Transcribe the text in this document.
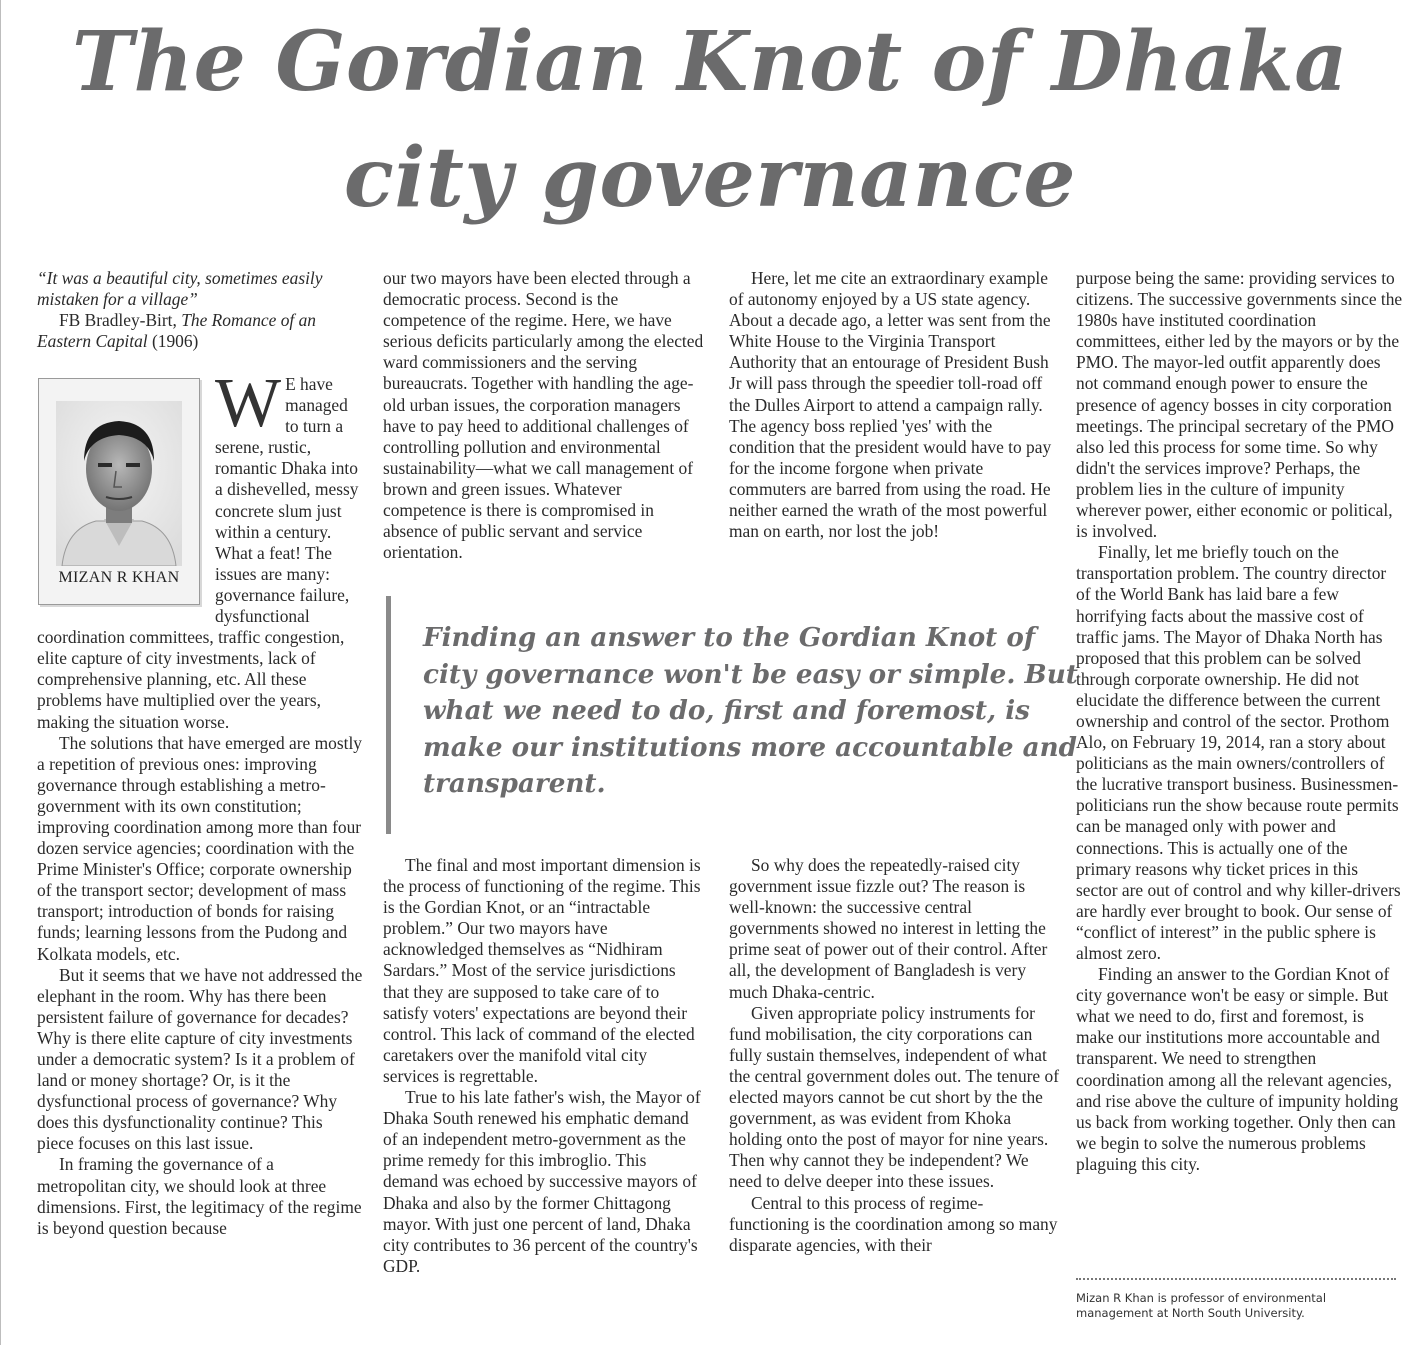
The Gordian Knot of Dhaka
city governance
“It was a beautiful city, sometimes easily mistaken for a village”
FB Bradley-Birt, The Romance of an Eastern Capital (1906)
MIZAN R KHAN

W E have managed to turn a serene, rustic, romantic Dhaka into a dishevelled, messy concrete slum just within a century. What a feat! The issues are many: governance failure, dysfunctional coordination committees, traffic congestion, elite capture of city investments, lack of comprehensive planning, etc. All these problems have multiplied over the years, making the situation worse.

The solutions that have emerged are mostly a repetition of previous ones: improving governance through establishing a metro-government with its own constitution; improving coordination among more than four dozen service agencies; coordination with the Prime Minister's Office; corporate ownership of the transport sector; development of mass transport; introduction of bonds for raising funds; learning lessons from the Pudong and Kolkata models, etc.

But it seems that we have not addressed the elephant in the room. Why has there been persistent failure of governance for decades? Why is there elite capture of city investments under a democratic system? Is it a problem of land or money shortage? Or, is it the dysfunctional process of governance? Why does this dysfunctionality continue? This piece focuses on this last issue.

In framing the governance of a metropolitan city, we should look at three dimensions. First, the legitimacy of the regime is beyond question because

our two mayors have been elected through a democratic process. Second is the competence of the regime. Here, we have serious deficits particularly among the elected ward commissioners and the serving bureaucrats. Together with handling the age-old urban issues, the corporation managers have to pay heed to additional challenges of controlling pollution and environmental sustainability—what we call management of brown and green issues. Whatever competence is there is compromised in absence of public servant and service orientation.

Here, let me cite an extraordinary example of autonomy enjoyed by a US state agency. About a decade ago, a letter was sent from the White House to the Virginia Transport Authority that an entourage of President Bush Jr will pass through the speedier toll-road off the Dulles Airport to attend a campaign rally. The agency boss replied 'yes' with the condition that the president would have to pay for the income forgone when private commuters are barred from using the road. He neither earned the wrath of the most powerful man on earth, nor lost the job!

Finding an answer to the Gordian Knot of
city governance won't be easy or simple. But
what we need to do, first and foremost, is
make our institutions more accountable and
transparent.

The final and most important dimension is the process of functioning of the regime. This is the Gordian Knot, or an “intractable problem.” Our two mayors have acknowledged themselves as “Nidhiram Sardars.” Most of the service jurisdictions that they are supposed to take care of to satisfy voters' expectations are beyond their control. This lack of command of the elected caretakers over the manifold vital city services is regrettable.

True to his late father's wish, the Mayor of Dhaka South renewed his emphatic demand of an independent metro-government as the prime remedy for this imbroglio. This demand was echoed by successive mayors of Dhaka and also by the former Chittagong mayor. With just one percent of land, Dhaka city contributes to 36 percent of the country's GDP.

So why does the repeatedly-raised city government issue fizzle out? The reason is well-known: the successive central governments showed no interest in letting the prime seat of power out of their control. After all, the development of Bangladesh is very much Dhaka-centric.

Given appropriate policy instruments for fund mobilisation, the city corporations can fully sustain themselves, independent of what the central government doles out. The tenure of elected mayors cannot be cut short by the the government, as was evident from Khoka holding onto the post of mayor for nine years. Then why cannot they be independent? We need to delve deeper into these issues.

Central to this process of regime-functioning is the coordination among so many disparate agencies, with their

purpose being the same: providing services to citizens. The successive governments since the 1980s have instituted coordination committees, either led by the mayors or by the PMO. The mayor-led outfit apparently does not command enough power to ensure the presence of agency bosses in city corporation meetings. The principal secretary of the PMO also led this process for some time. So why didn't the services improve? Perhaps, the problem lies in the culture of impunity wherever power, either economic or political, is involved.

Finally, let me briefly touch on the transportation problem. The country director of the World Bank has laid bare a few horrifying facts about the massive cost of traffic jams. The Mayor of Dhaka North has proposed that this problem can be solved through corporate ownership. He did not elucidate the difference between the current ownership and control of the sector. Prothom Alo, on February 19, 2014, ran a story about politicians as the main owners/controllers of the lucrative transport business. Businessmen-politicians run the show because route permits can be managed only with power and connections. This is actually one of the primary reasons why ticket prices in this sector are out of control and why killer-drivers are hardly ever brought to book. Our sense of “conflict of interest” in the public sphere is almost zero.

Finding an answer to the Gordian Knot of city governance won't be easy or simple. But what we need to do, first and foremost, is make our institutions more accountable and transparent. We need to strengthen coordination among all the relevant agencies, and rise above the culture of impunity holding us back from working together. Only then can we begin to solve the numerous problems plaguing this city.

Mizan R Khan is professor of environmental
management at North South University.
